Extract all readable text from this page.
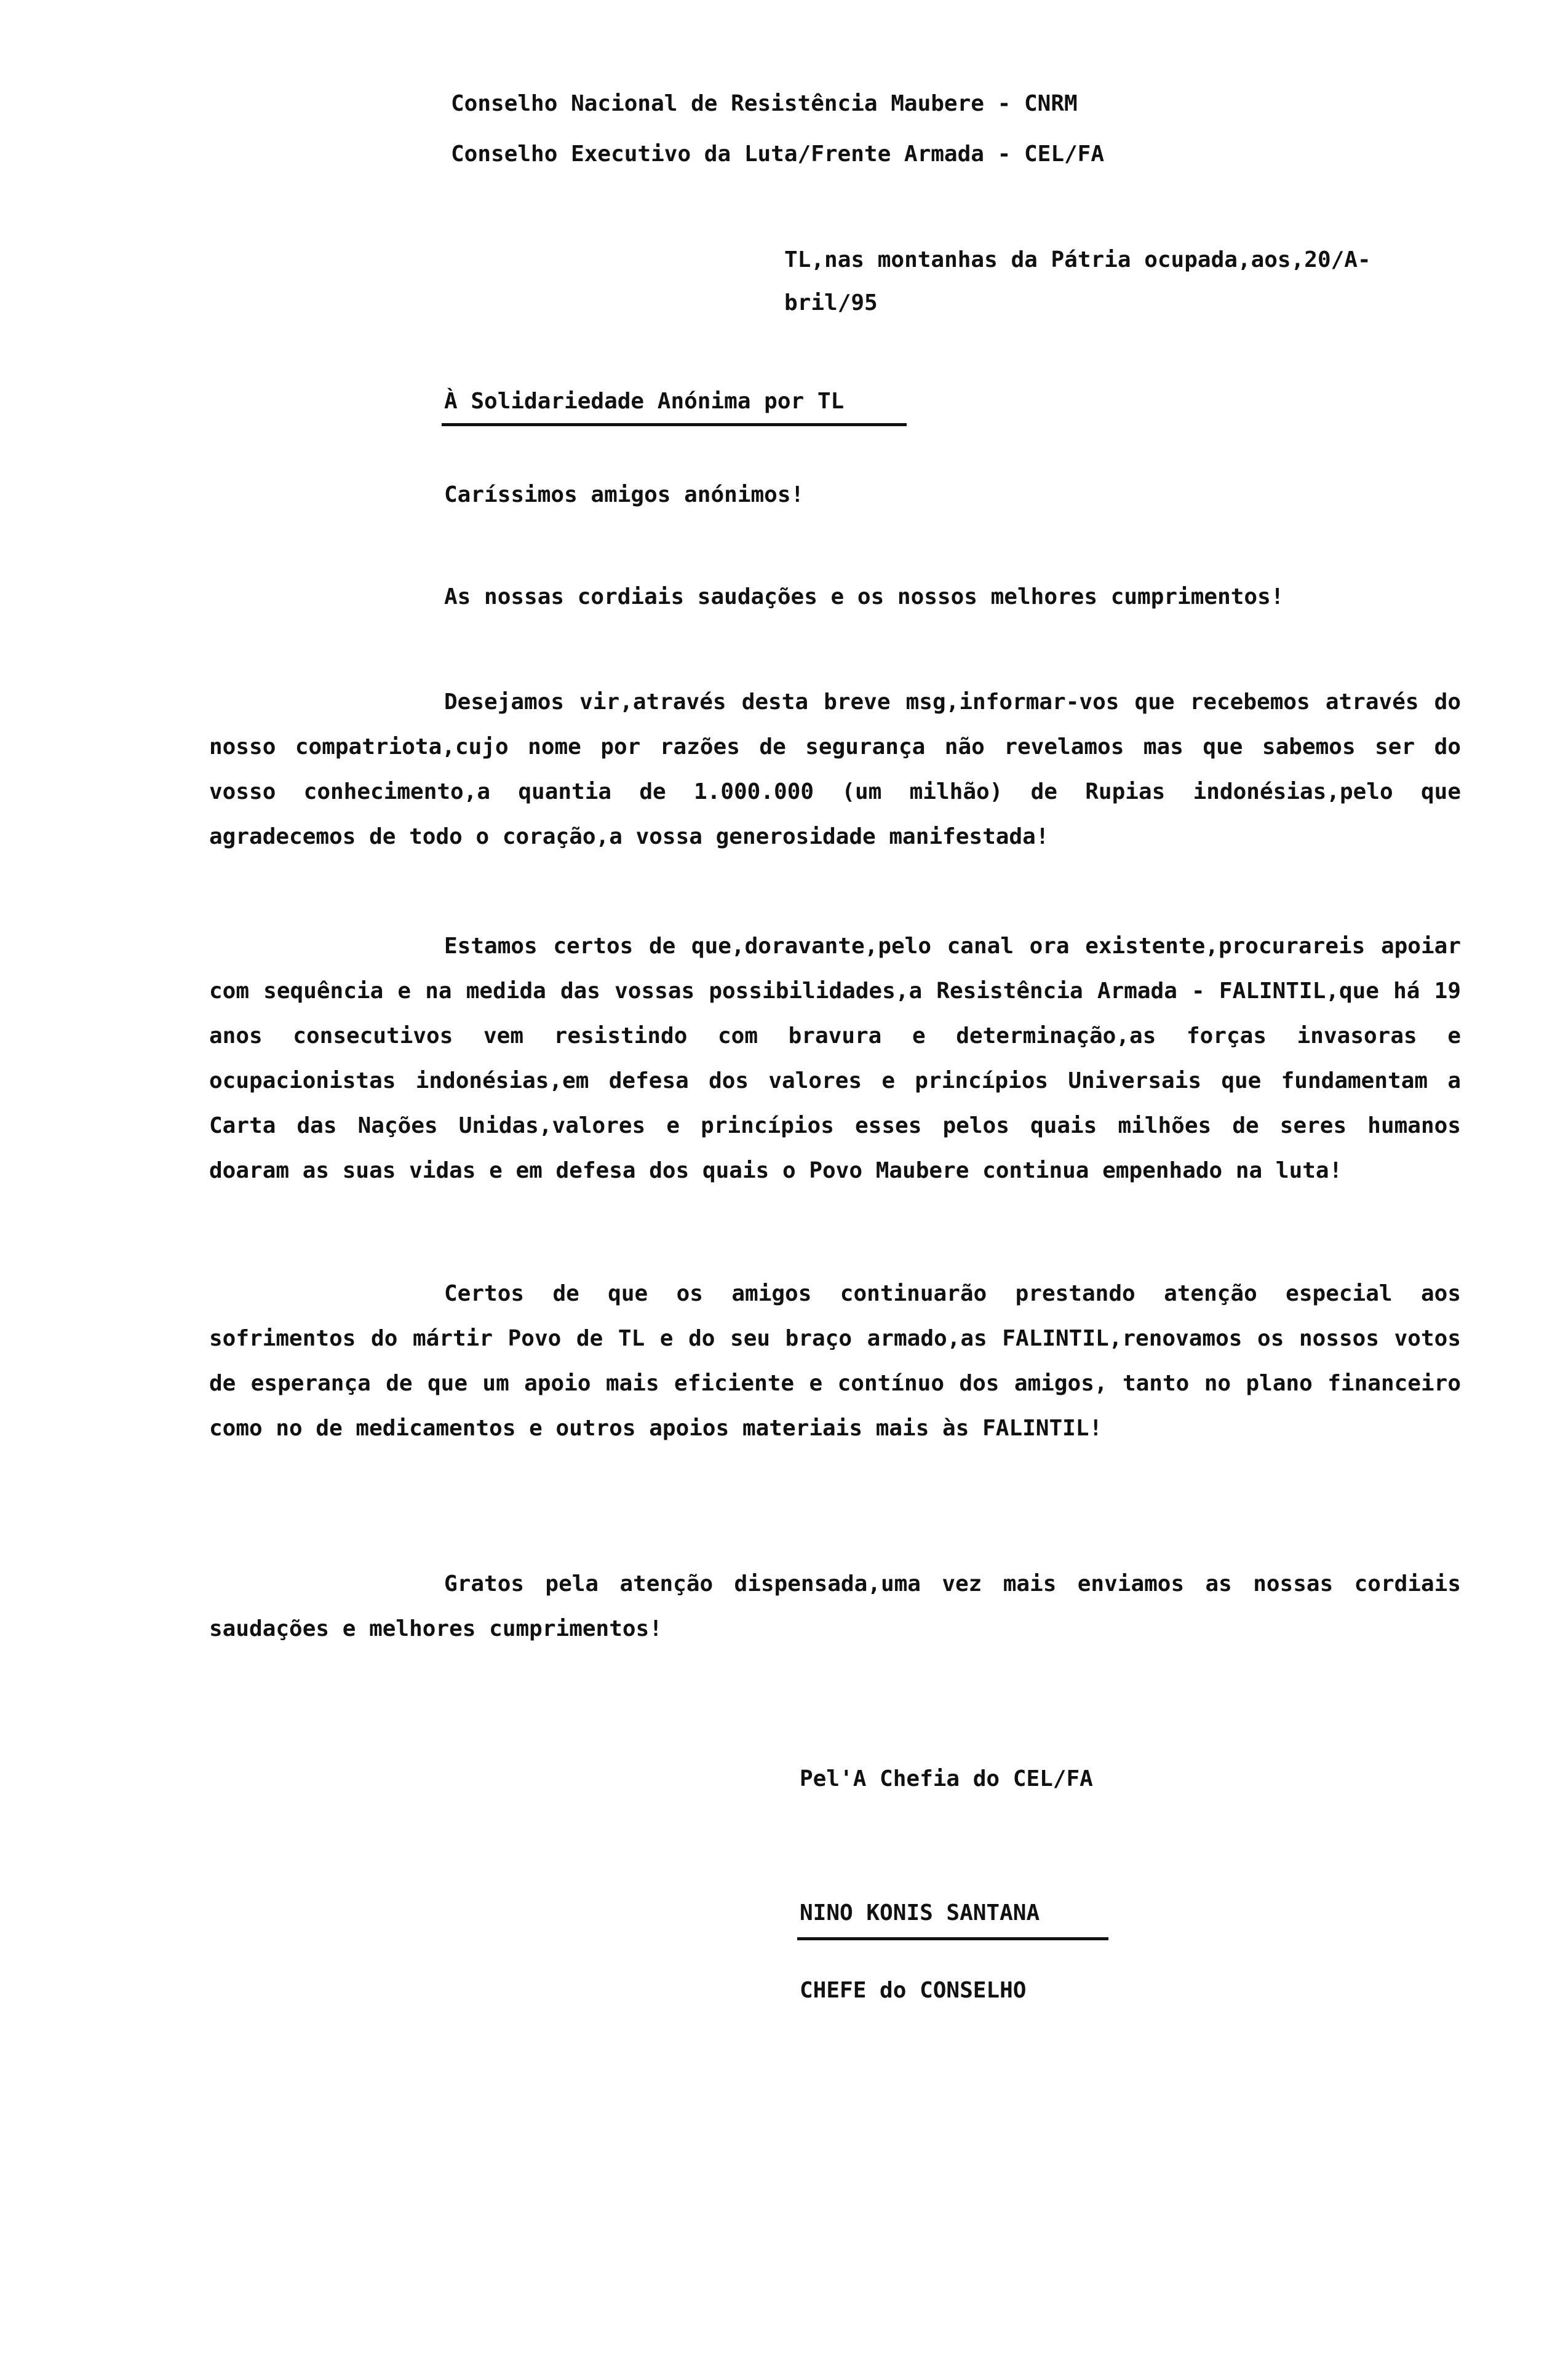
Conselho Nacional de Resistência Maubere - CNRM
Conselho Executivo da Luta/Frente Armada - CEL/FA
TL,nas montanhas da Pátria ocupada,aos,20/A-
bril/95
À Solidariedade Anónima por TL
Caríssimos amigos anónimos!
As nossas cordiais saudações e os nossos melhores cumprimentos!
Desejamos vir,através desta breve msg,informar-vos que recebemos através do nosso compatriota,cujo nome por razões de segurança não revelamos mas que sabemos ser do vosso conhecimento,a quantia de 1.000.000 (um milhão) de Rupias indonésias,pelo que agradecemos de todo o coração,a vossa generosidade manifestada!
Estamos certos de que,doravante,pelo canal ora existente,procurareis apoiar com sequência e na medida das vossas possibilidades,a Resistência Armada - FALINTIL,que há 19 anos consecutivos vem resistindo com bravura e determinação,as forças invasoras e ocupacionistas indonésias,em defesa dos valores e princípios Universais que fundamentam a Carta das Nações Unidas,valores e princípios esses pelos quais milhões de seres humanos doaram as suas vidas e em defesa dos quais o Povo Maubere continua empenhado na luta!
Certos de que os amigos continuarão prestando atenção especial aos sofrimentos do mártir Povo de TL e do seu braço armado,as FALINTIL,renovamos os nossos votos de esperança de que um apoio mais eficiente e contínuo dos amigos, tanto no plano financeiro como no de medicamentos e outros apoios materiais mais às FALINTIL!
Gratos pela atenção dispensada,uma vez mais enviamos as nossas cordiais saudações e melhores cumprimentos!
Pel'A Chefia do CEL/FA
NINO KONIS SANTANA
CHEFE do CONSELHO
